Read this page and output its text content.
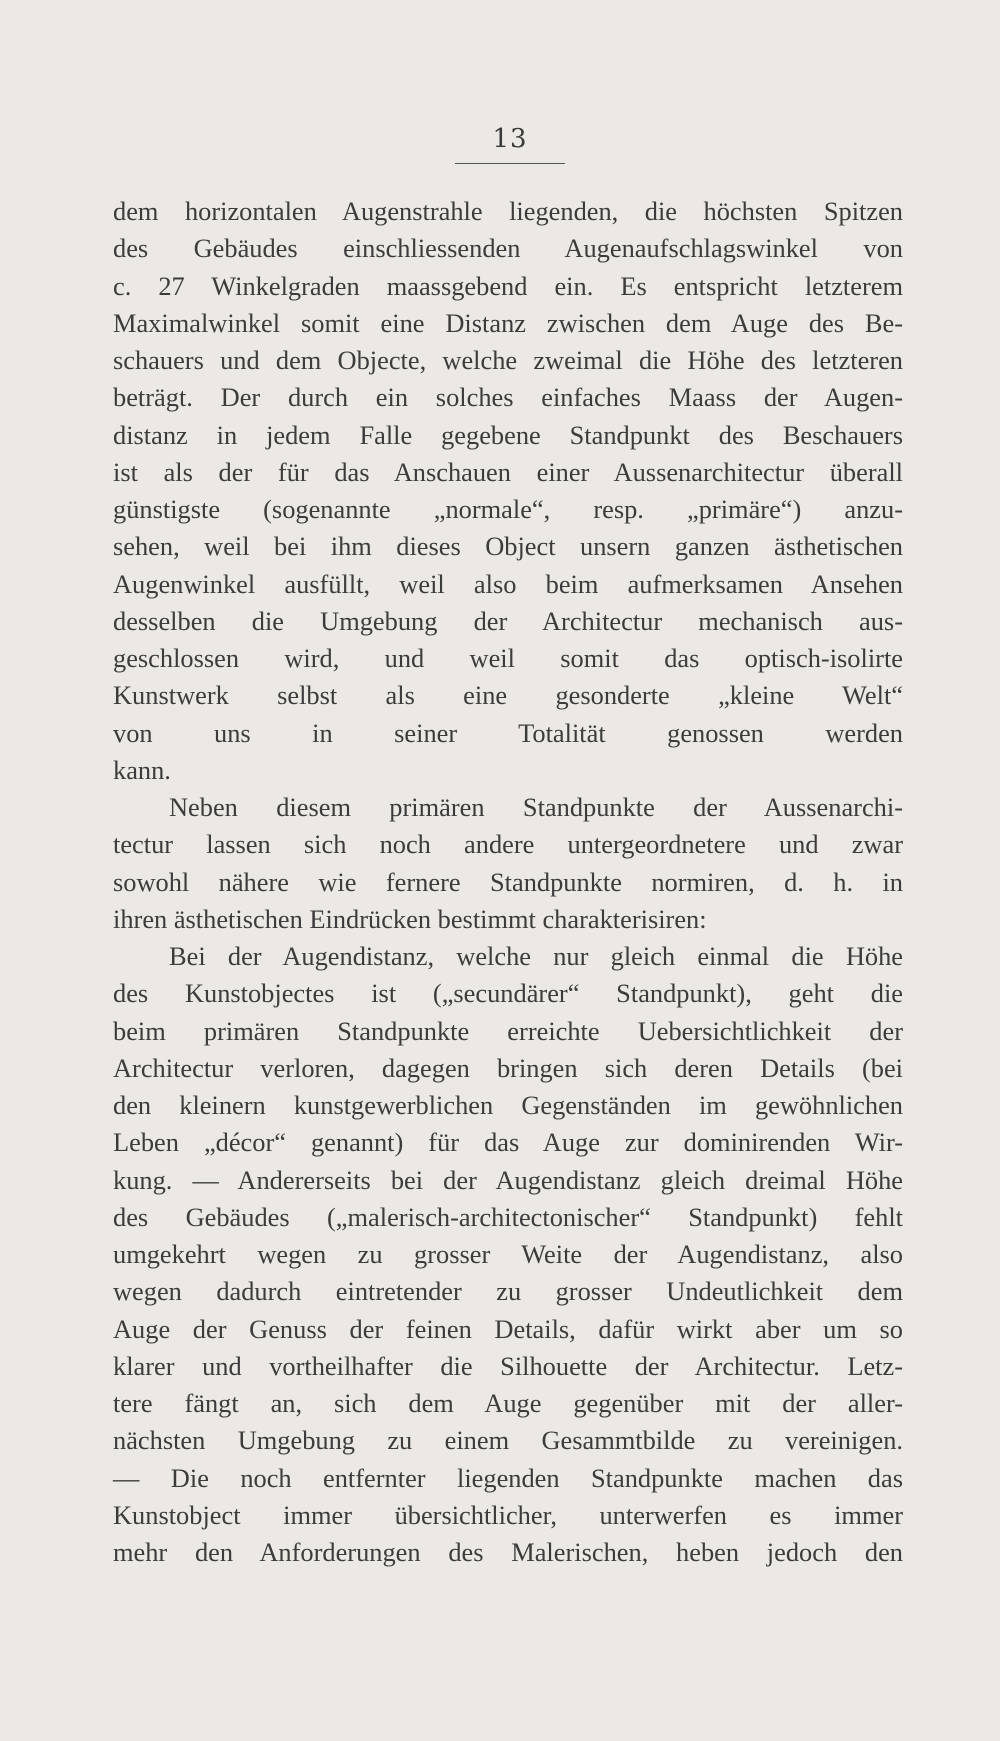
13
dem horizontalen Augenstrahle liegenden, die höchsten Spitzen
des Gebäudes einschliessenden Augenaufschlagswinkel von
c. 27 Winkelgraden maassgebend ein. Es entspricht letzterem
Maximalwinkel somit eine Distanz zwischen dem Auge des Be-
schauers und dem Objecte, welche zweimal die Höhe des letzteren
beträgt. Der durch ein solches einfaches Maass der Augen-
distanz in jedem Falle gegebene Standpunkt des Beschauers
ist als der für das Anschauen einer Aussenarchitectur überall
günstigste (sogenannte „normale“, resp. „primäre“) anzu-
sehen, weil bei ihm dieses Object unsern ganzen ästhetischen
Augenwinkel ausfüllt, weil also beim aufmerksamen Ansehen
desselben die Umgebung der Architectur mechanisch aus-
geschlossen wird, und weil somit das optisch-isolirte
Kunstwerk selbst als eine gesonderte „kleine Welt“
von uns in seiner Totalität genossen werden
kann.
Neben diesem primären Standpunkte der Aussenarchi-
tectur lassen sich noch andere untergeordnetere und zwar
sowohl nähere wie fernere Standpunkte normiren, d. h. in
ihren ästhetischen Eindrücken bestimmt charakterisiren:
Bei der Augendistanz, welche nur gleich einmal die Höhe
des Kunstobjectes ist („secundärer“ Standpunkt), geht die
beim primären Standpunkte erreichte Uebersichtlichkeit der
Architectur verloren, dagegen bringen sich deren Details (bei
den kleinern kunstgewerblichen Gegenständen im gewöhnlichen
Leben „décor“ genannt) für das Auge zur dominirenden Wir-
kung. — Andererseits bei der Augendistanz gleich dreimal Höhe
des Gebäudes („malerisch-architectonischer“ Standpunkt) fehlt
umgekehrt wegen zu grosser Weite der Augendistanz, also
wegen dadurch eintretender zu grosser Undeutlichkeit dem
Auge der Genuss der feinen Details, dafür wirkt aber um so
klarer und vortheilhafter die Silhouette der Architectur. Letz-
tere fängt an, sich dem Auge gegenüber mit der aller-
nächsten Umgebung zu einem Gesammtbilde zu vereinigen.
— Die noch entfernter liegenden Standpunkte machen das
Kunstobject immer übersichtlicher, unterwerfen es immer
mehr den Anforderungen des Malerischen, heben jedoch den
